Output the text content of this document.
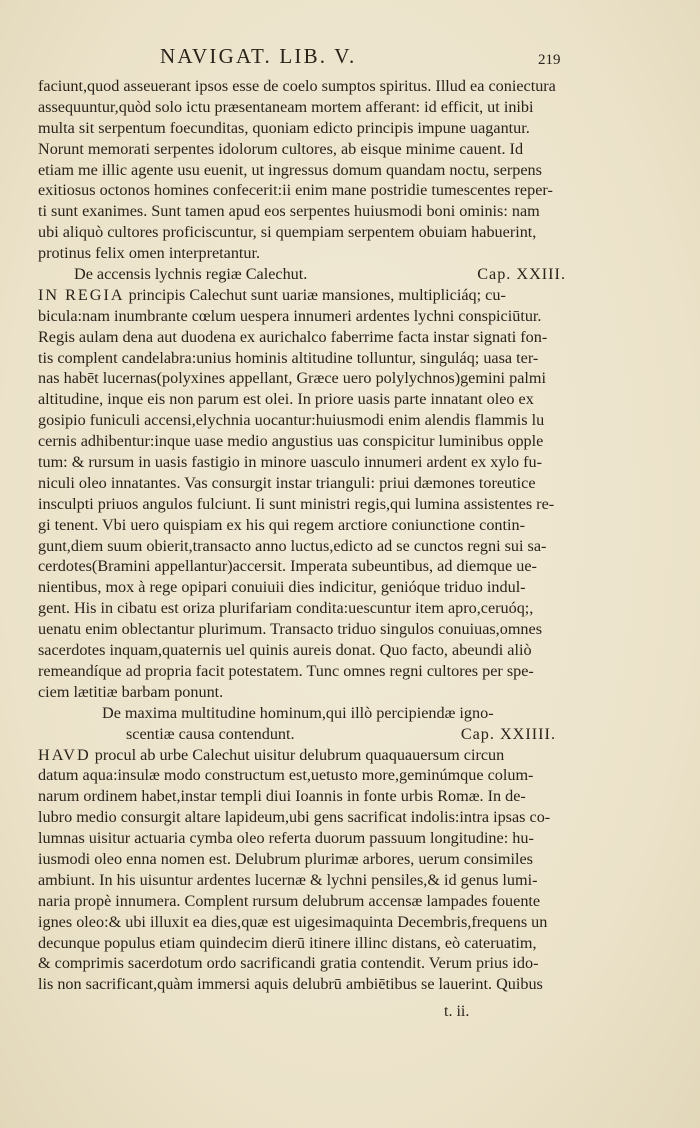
NAVIGAT. LIB. V.	219
faciunt,quod asseuerant ipsos esse de coelo sumptos spiritus. Illud ea coniectura
assequuntur,quòd solo ictu præsentaneam mortem afferant: id efficit, ut inibi
multa sit serpentum foecunditas, quoniam edicto principis impune uagantur.
Norunt memorati serpentes idolorum cultores, ab eisque minime cauent. Id
etiam me illic agente usu euenit, ut ingressus domum quandam noctu, serpens
exitiosus octonos homines confecerit:ii enim mane postridie tumescentes reper-
ti sunt exanimes. Sunt tamen apud eos serpentes huiusmodi boni ominis: nam
ubi aliquò cultores proficiscuntur, si quempiam serpentem obuiam habuerint,
protinus felix omen interpretantur.
De accensis lychnis regiæ Calechut.	Cap. XXIII.
IN REGIA principis Calechut sunt uariæ mansiones, multipliciáq; cu-
bicula:nam inumbrante cœlum uespera innumeri ardentes lychni conspiciūtur.
Regis aulam dena aut duodena ex aurichalco faberrime facta instar signati fon-
tis complent candelabra:unius hominis altitudine tolluntur, singuláq; uasa ter-
nas habēt lucernas(polyxines appellant, Græce uero polylychnos)gemini palmi
altitudine, inque eis non parum est olei. In priore uasis parte innatant oleo ex
gosipio funiculi accensi,elychnia uocantur:huiusmodi enim alendis flammis lu
cernis adhibentur:inque uase medio angustius uas conspicitur luminibus opple
tum: & rursum in uasis fastigio in minore uasculo innumeri ardent ex xylo fu-
niculi oleo innatantes. Vas consurgit instar trianguli: priui dæmones toreutice
insculpti priuos angulos fulciunt. Ii sunt ministri regis,qui lumina assistentes re-
gi tenent. Vbi uero quispiam ex his qui regem arctiore coniunctione contin-
gunt,diem suum obierit,transacto anno luctus,edicto ad se cunctos regni sui sa-
cerdotes(Bramini appellantur)accersit. Imperata subeuntibus, ad diemque ue-
nientibus, mox à rege opipari conuiuii dies indicitur, genióque triduo indul-
gent. His in cibatu est oriza plurifariam condita:uescuntur item apro,ceruóq;,
uenatu enim oblectantur plurimum. Transacto triduo singulos conuiuas,omnes
sacerdotes inquam,quaternis uel quinis aureis donat. Quo facto, abeundi aliò
remeandíque ad propria facit potestatem. Tunc omnes regni cultores per spe-
ciem lætitiæ barbam ponunt.
De maxima multitudine hominum,qui illò percipiendæ igno-
scentiæ causa contendunt.	Cap. XXIIII.
HAVD procul ab urbe Calechut uisitur delubrum quaquauersum circun
datum aqua:insulæ modo constructum est,uetusto more,geminúmque colum-
narum ordinem habet,instar templi diui Ioannis in fonte urbis Romæ. In de-
lubro medio consurgit altare lapideum,ubi gens sacrificat indolis:intra ipsas co-
lumnas uisitur actuaria cymba oleo referta duorum passuum longitudine: hu-
iusmodi oleo enna nomen est. Delubrum plurimæ arbores, uerum consimiles
ambiunt. In his uisuntur ardentes lucernæ & lychni pensiles,& id genus lumi-
naria propè innumera. Complent rursum delubrum accensæ lampades fouente
ignes oleo:& ubi illuxit ea dies,quæ est uigesimaquinta Decembris,frequens un
decunque populus etiam quindecim dierū itinere illinc distans, eò cateruatim,
& comprimis sacerdotum ordo sacrificandi gratia contendit. Verum prius ido-
lis non sacrificant,quàm immersi aquis delubrū ambiētibus se lauerint. Quibus
t. ii.
